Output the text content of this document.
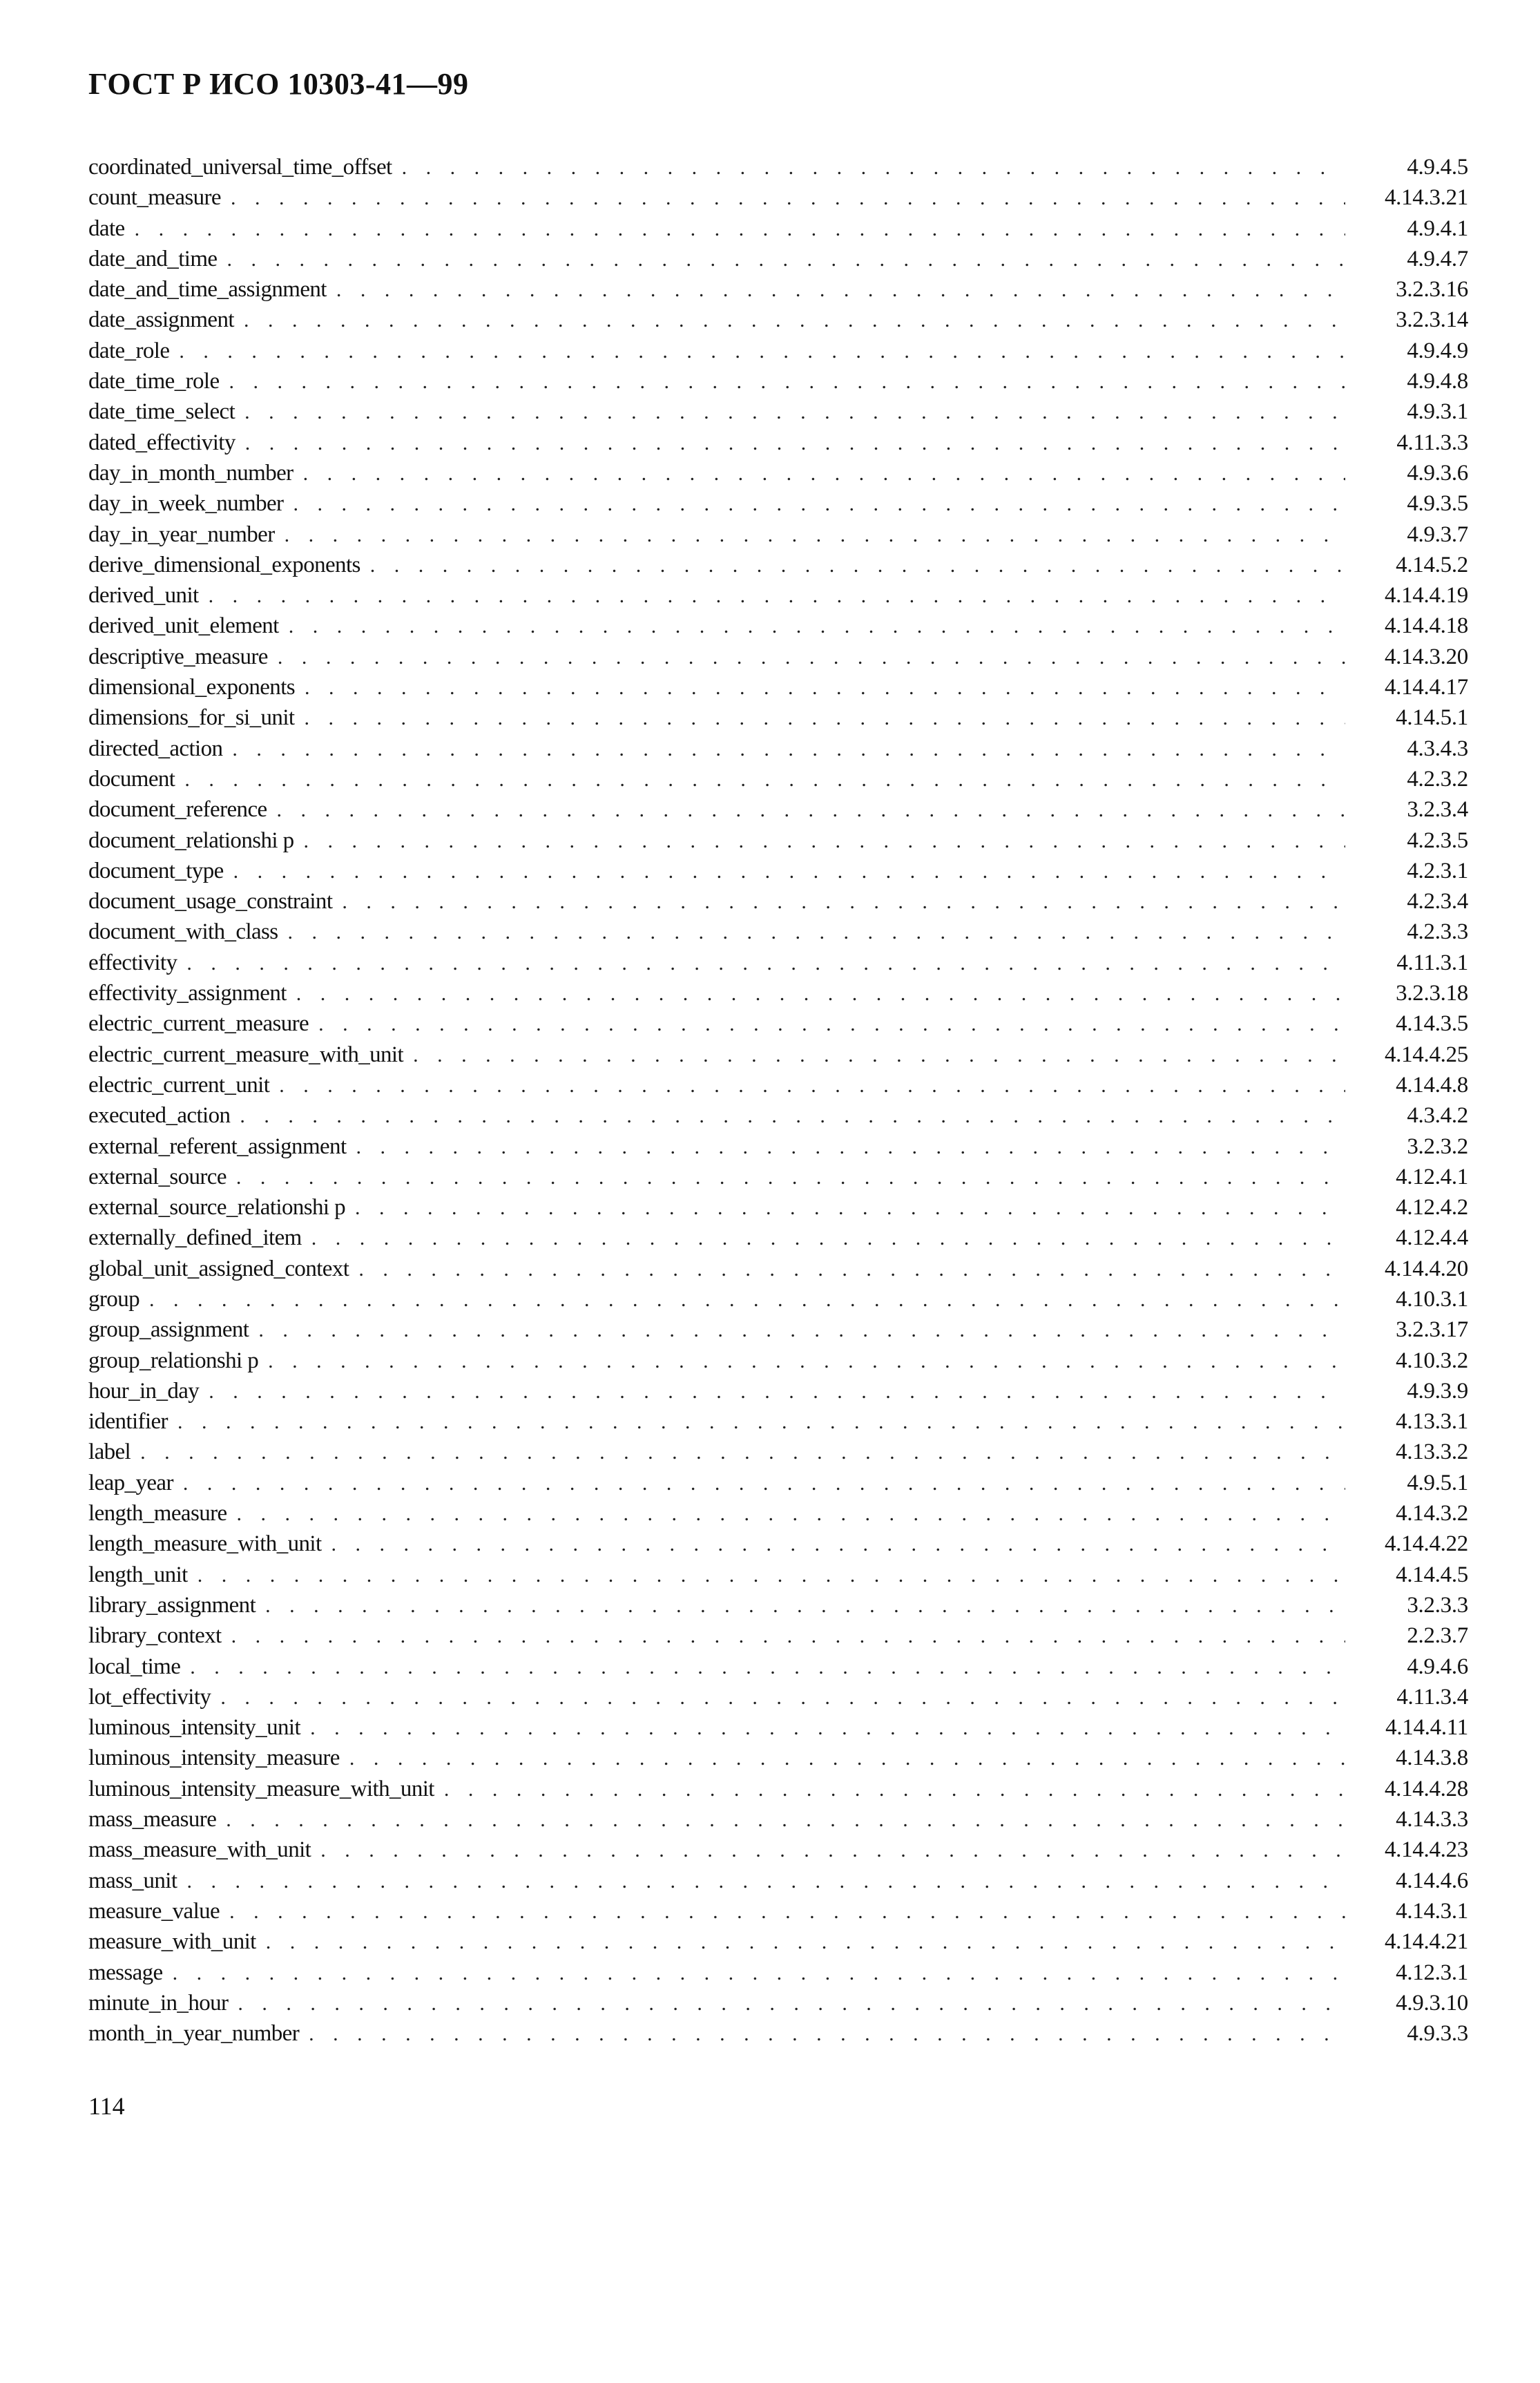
ГОСТ Р ИСО 10303-41—99
coordinated_universal_time_offset . . .	4.9.4.5
count_measure . . .	4.14.3.21
date . . .	4.9.4.1
date_and_time . . .	4.9.4.7
date_and_time_assignment . . .	3.2.3.16
date_assignment . . .	3.2.3.14
date_role . . .	4.9.4.9
date_time_role . . .	4.9.4.8
date_time_select . . .	4.9.3.1
dated_effectivity . . .	4.11.3.3
day_in_month_number . . .	4.9.3.6
day_in_week_number . . .	4.9.3.5
day_in_year_number . . .	4.9.3.7
derive_dimensional_exponents . . .	4.14.5.2
derived_unit . . .	4.14.4.19
derived_unit_element . . .	4.14.4.18
descriptive_measure . . .	4.14.3.20
dimensional_exponents . . .	4.14.4.17
dimensions_for_si_unit . . .	4.14.5.1
directed_action . . .	4.3.4.3
document . . .	4.2.3.2
document_reference . . .	3.2.3.4
document_relationshi p . . .	4.2.3.5
document_type . . .	4.2.3.1
document_usage_constraint . . .	4.2.3.4
document_with_class . . .	4.2.3.3
effectivity . . .	4.11.3.1
effectivity_assignment . . .	3.2.3.18
electric_current_measure . . .	4.14.3.5
electric_current_measure_with_unit . . .	4.14.4.25
electric_current_unit . . .	4.14.4.8
executed_action . . .	4.3.4.2
external_referent_assignment . . .	3.2.3.2
external_source . . .	4.12.4.1
external_source_relationshi p . . .	4.12.4.2
externally_defined_item . . .	4.12.4.4
global_unit_assigned_context . . .	4.14.4.20
group . . .	4.10.3.1
group_assignment . . .	3.2.3.17
group_relationshi p . . .	4.10.3.2
hour_in_day . . .	4.9.3.9
identifier . . .	4.13.3.1
label . . .	4.13.3.2
leap_year . . .	4.9.5.1
length_measure . . .	4.14.3.2
length_measure_with_unit . . .	4.14.4.22
length_unit . . .	4.14.4.5
library_assignment . . .	3.2.3.3
library_context . . .	2.2.3.7
local_time . . .	4.9.4.6
lot_effectivity . . .	4.11.3.4
luminous_intensity_unit . . .	4.14.4.11
luminous_intensity_measure . . .	4.14.3.8
luminous_intensity_measure_with_unit . . .	4.14.4.28
mass_measure . . .	4.14.3.3
mass_measure_with_unit . . .	4.14.4.23
mass_unit . . .	4.14.4.6
measure_value . . .	4.14.3.1
measure_with_unit . . .	4.14.4.21
message . . .	4.12.3.1
minute_in_hour . . .	4.9.3.10
month_in_year_number . . .	4.9.3.3
114
